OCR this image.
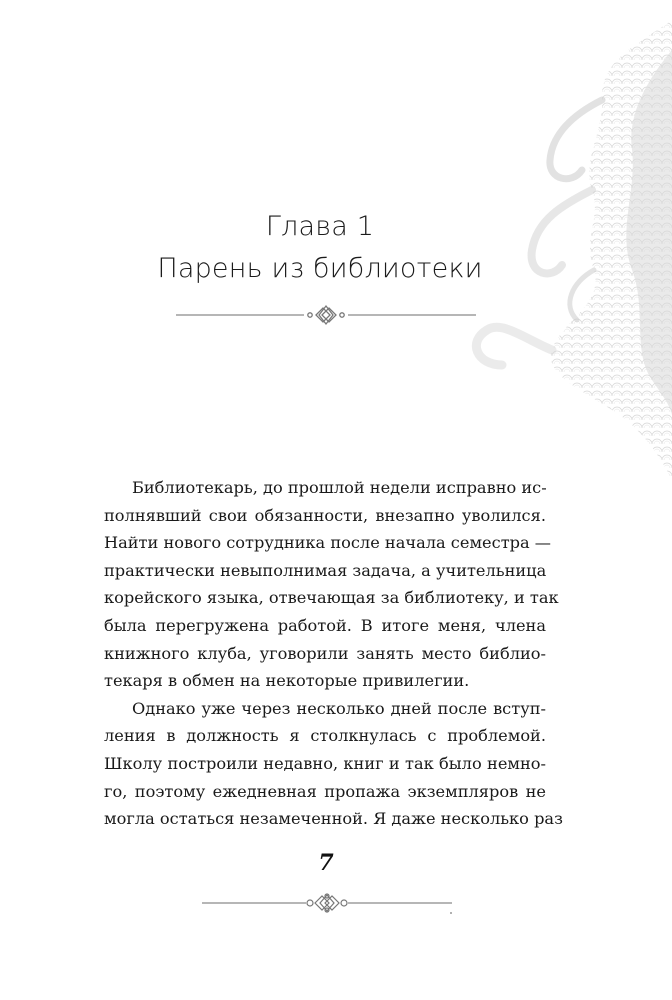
Глава 1
Парень из библиотеки

Библиотекарь, до прошлой недели исправно ис-
полнявший свои обязанности, внезапно уволился.
Найти нового сотрудника после начала семестра —
практически невыполнимая задача, а учительница
корейского языка, отвечающая за библиотеку, и так
была перегружена работой. В итоге меня, члена
книжного клуба, уговорили занять место библио-
текаря в обмен на некоторые привилегии.

Однако уже через несколько дней после вступ-
ления в должность я столкнулась с проблемой.
Школу построили недавно, книг и так было немно-
го, поэтому ежедневная пропажа экземпляров не
могла остаться незамеченной. Я даже несколько раз

7
